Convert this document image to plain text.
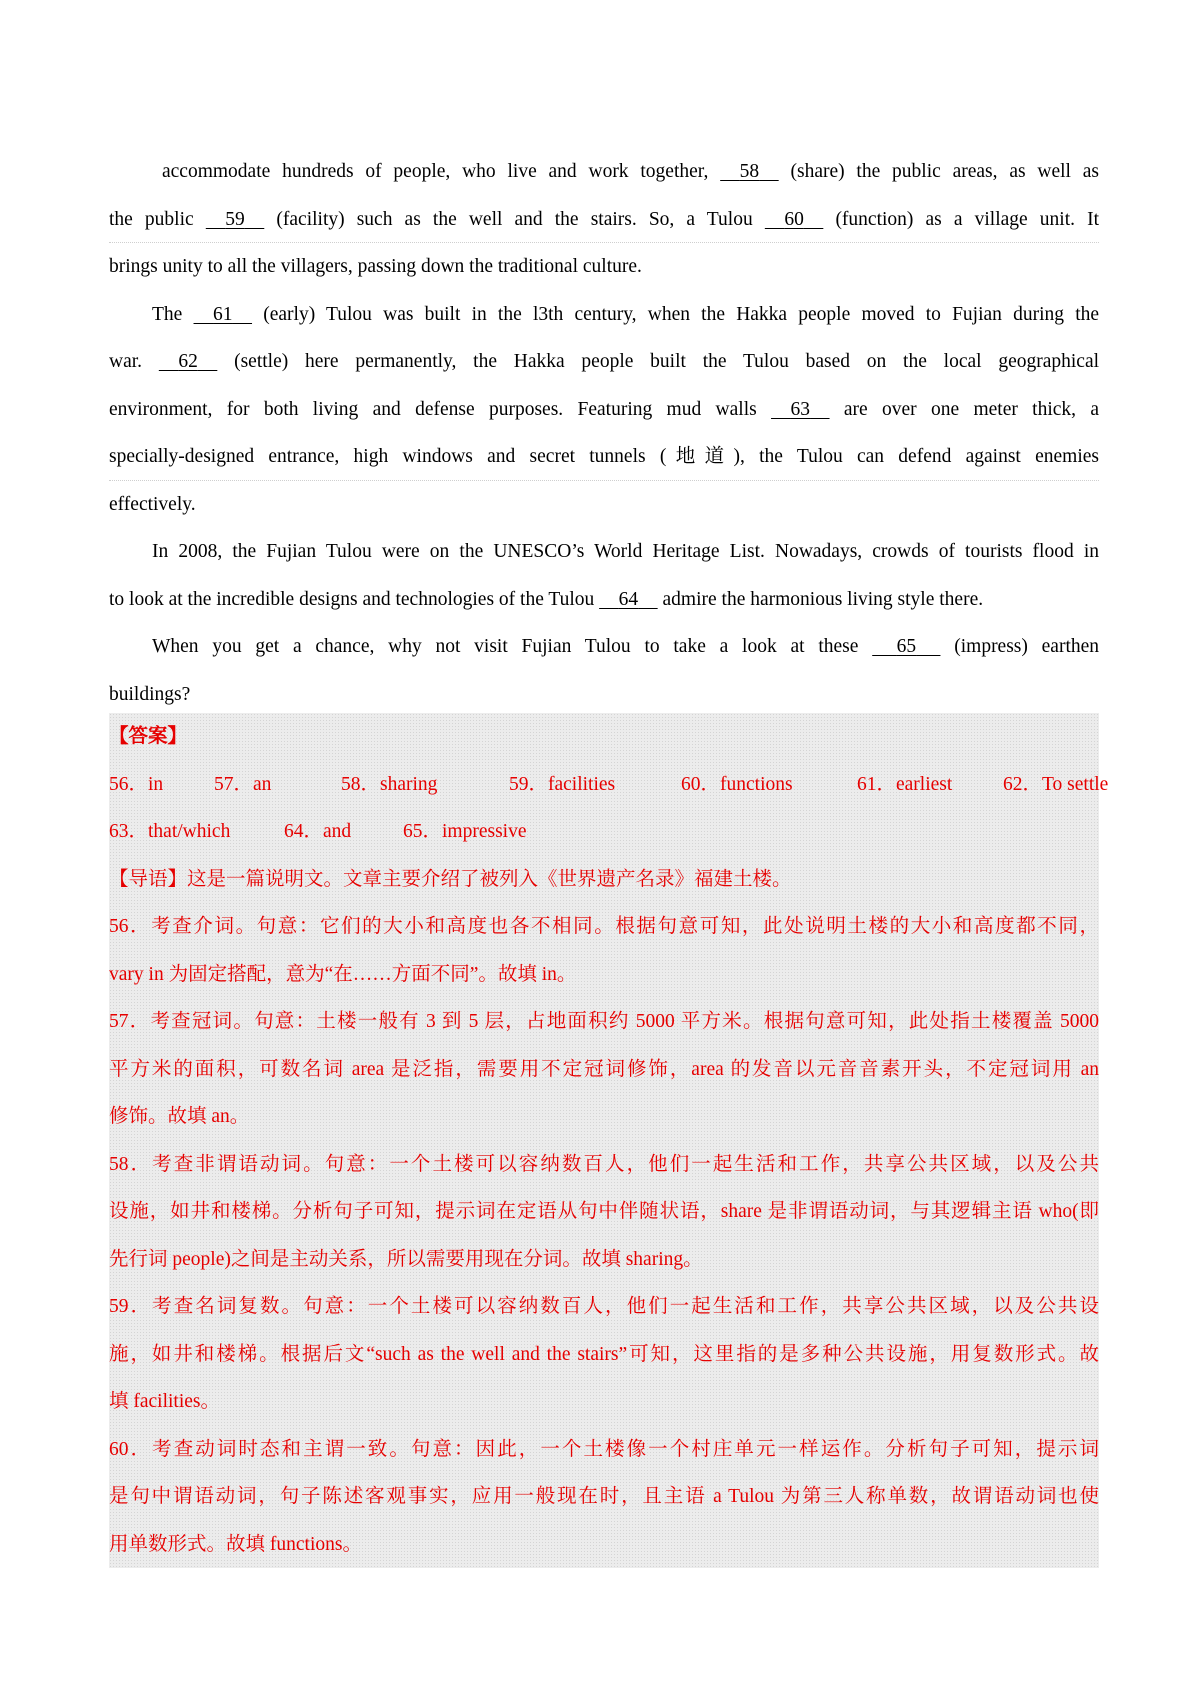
accommodate hundreds of people, who live and work together, 58 (share) the public areas, as well as
the public 59 (facility) such as the well and the stairs. So, a Tulou 60 (function) as a village unit. It
brings unity to all the villagers, passing down the traditional culture.
The 61 (early) Tulou was built in the l3th century, when the Hakka people moved to Fujian during the
war. 62 (settle) here permanently, the Hakka people built the Tulou based on the local geographical
environment, for both living and defense purposes. Featuring mud walls 63 are over one meter thick, a
specially-designed entrance, high windows and secret tunnels (地道), the Tulou can defend against enemies
effectively.
In 2008, the Fujian Tulou were on the UNESCO’s World Heritage List. Nowadays, crowds of tourists flood in
to look at the incredible designs and technologies of the Tulou 64 admire the harmonious living style there.
When you get a chance, why not visit Fujian Tulou to take a look at these 65 (impress) earthen
buildings?
【答案】
56．in	57．an	58．sharing	59．facilities	60．functions	61．earliest	62．To settle
63．that/which	64．and	65．impressive
【导语】这是一篇说明文。文章主要介绍了被列入《世界遗产名录》福建土楼。
56．考查介词。句意：它们的大小和高度也各不相同。根据句意可知，此处说明土楼的大小和高度都不同，
vary in 为固定搭配，意为“在……方面不同”。故填 in。
57．考查冠词。句意：土楼一般有 3 到 5 层，占地面积约 5000 平方米。根据句意可知，此处指土楼覆盖 5000
平方米的面积，可数名词 area 是泛指，需要用不定冠词修饰，area 的发音以元音音素开头，不定冠词用 an
修饰。故填 an。
58．考查非谓语动词。句意：一个土楼可以容纳数百人，他们一起生活和工作，共享公共区域，以及公共
设施，如井和楼梯。分析句子可知，提示词在定语从句中伴随状语，share 是非谓语动词，与其逻辑主语 who(即
先行词 people)之间是主动关系，所以需要用现在分词。故填 sharing。
59．考查名词复数。句意：一个土楼可以容纳数百人，他们一起生活和工作，共享公共区域，以及公共设
施，如井和楼梯。根据后文“such as the well and the stairs”可知，这里指的是多种公共设施，用复数形式。故
填 facilities。
60．考查动词时态和主谓一致。句意：因此，一个土楼像一个村庄单元一样运作。分析句子可知，提示词
是句中谓语动词，句子陈述客观事实，应用一般现在时，且主语 a Tulou 为第三人称单数，故谓语动词也使
用单数形式。故填 functions。
